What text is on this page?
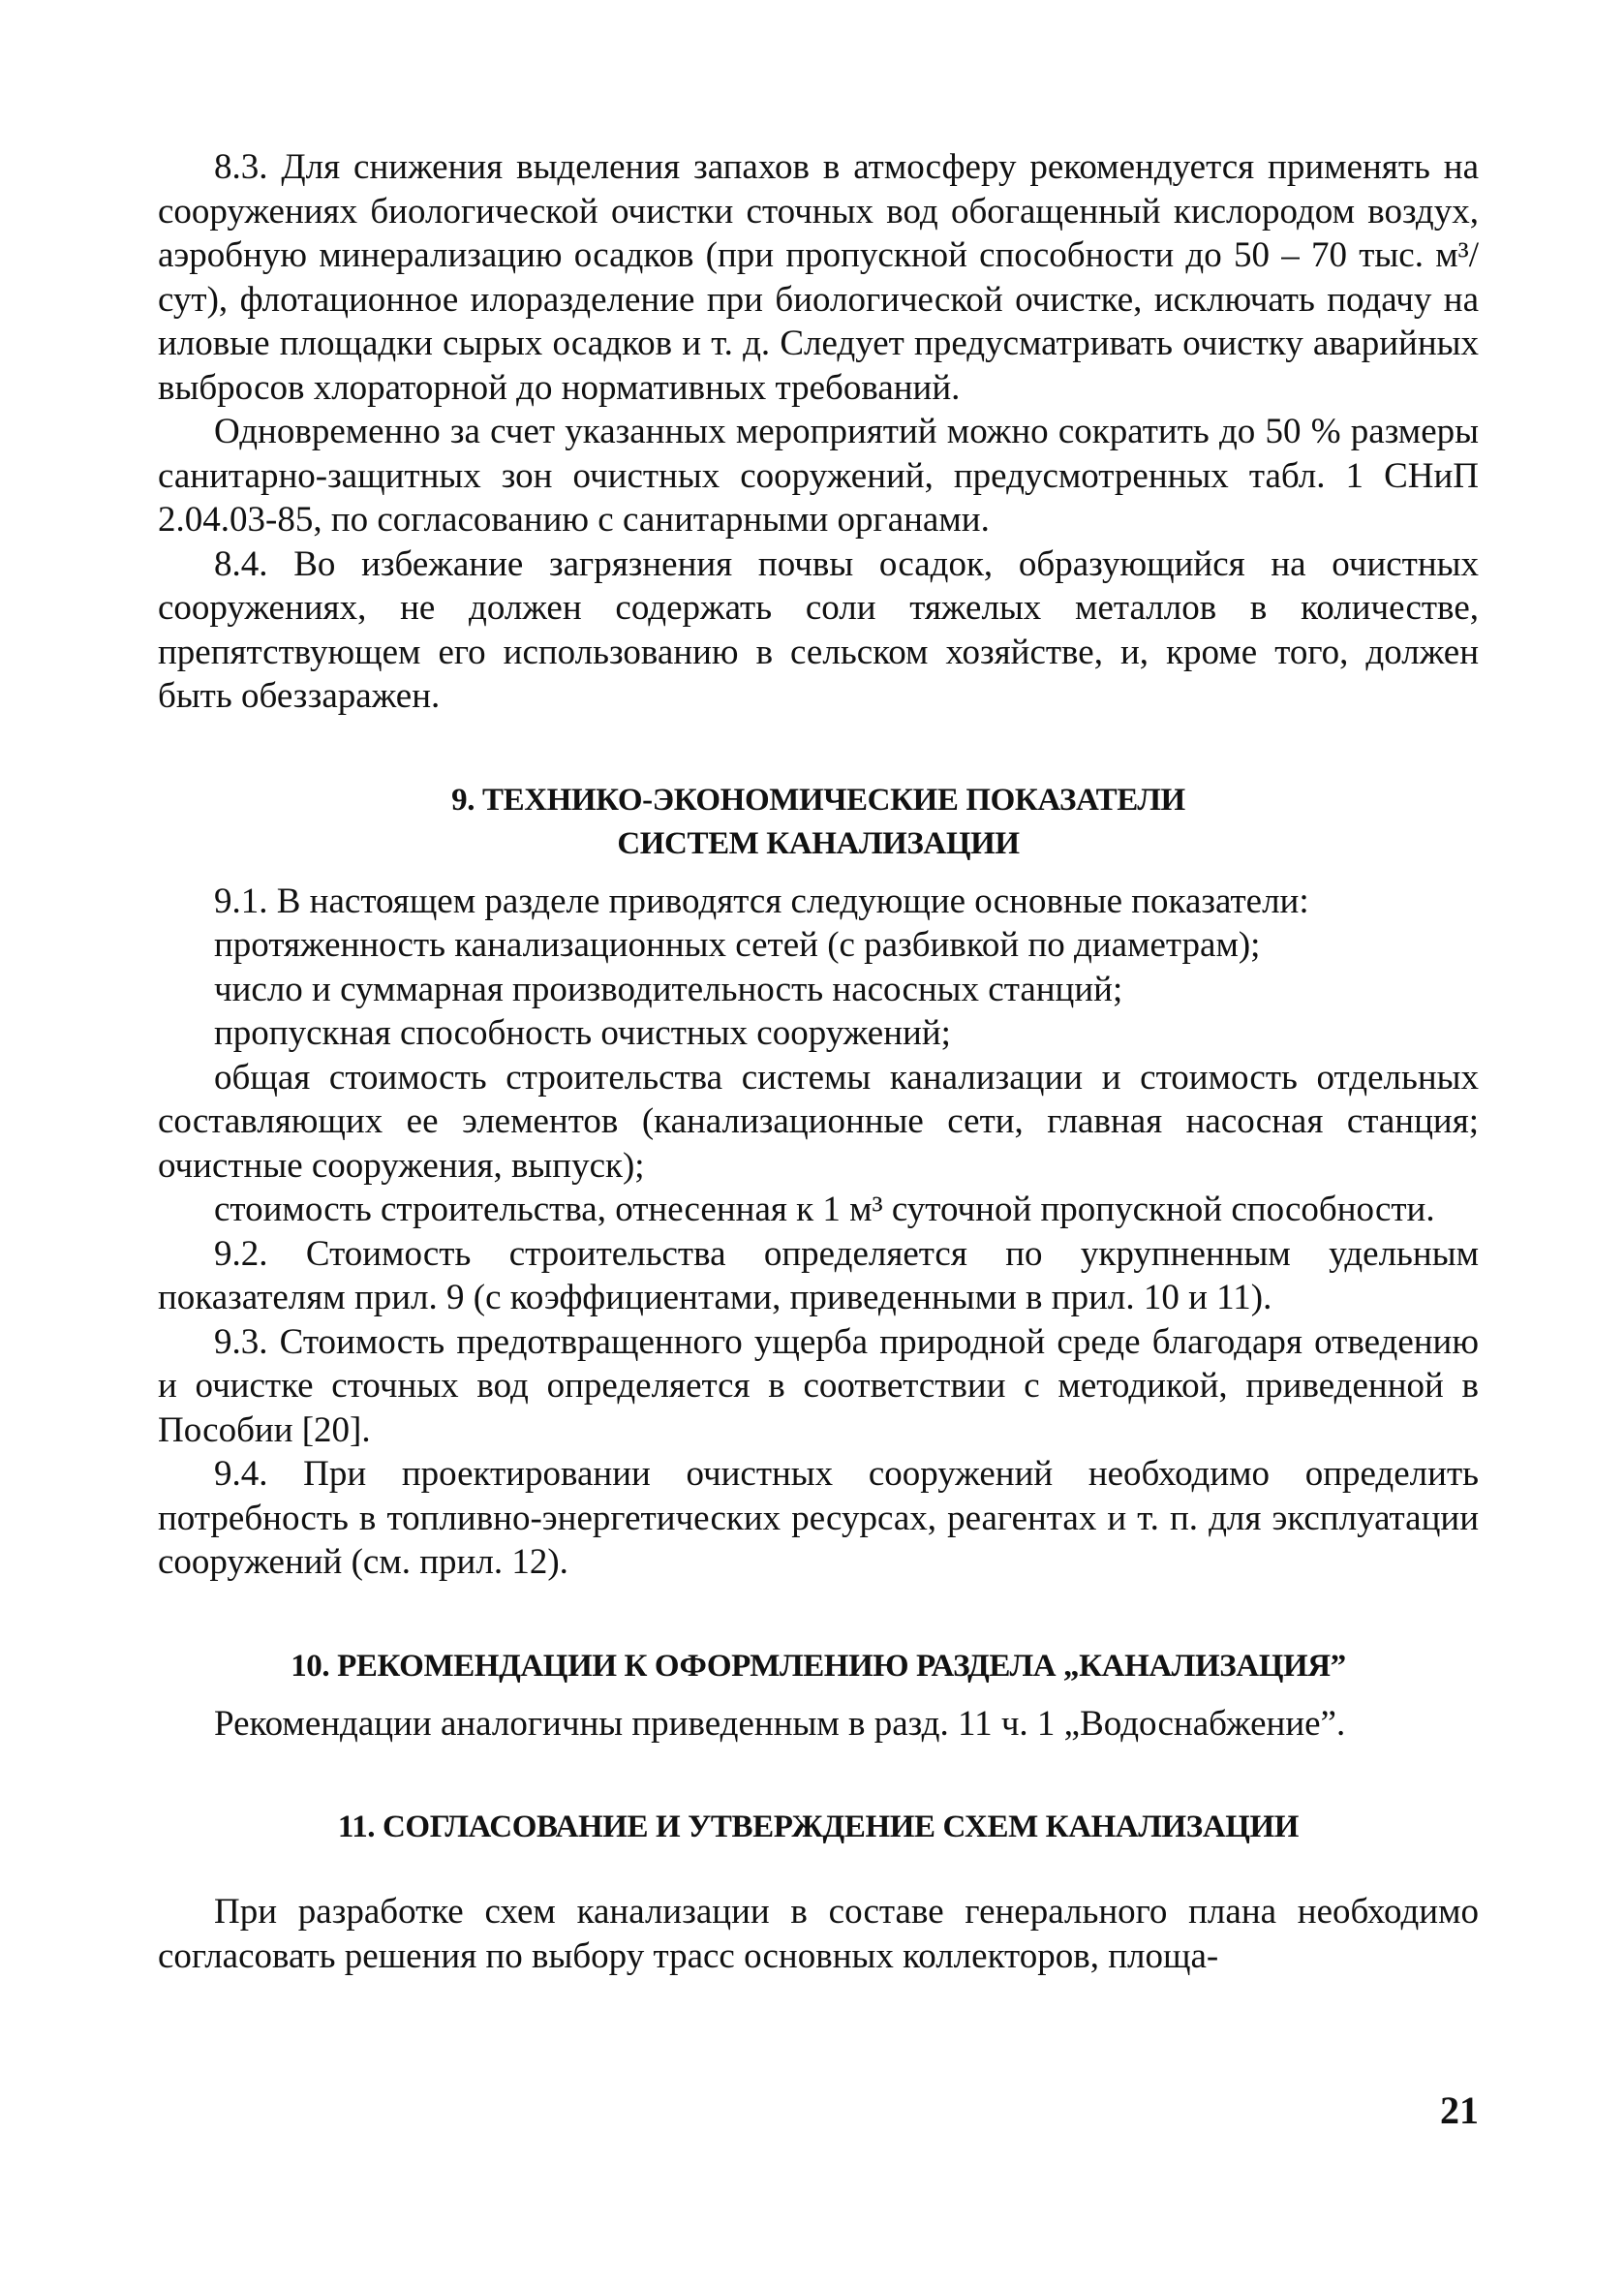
8.3. Для снижения выделения запахов в атмосферу рекомендуется применять на сооружениях биологической очистки сточных вод обогащенный кислородом воздух, аэробную минерализацию осадков (при пропускной способности до 50 – 70 тыс. м³/сут), флотационное илоразделение при биологической очистке, исключать подачу на иловые площадки сырых осадков и т. д. Следует предусматривать очистку аварийных выбросов хлораторной до нормативных требований.

Одновременно за счет указанных мероприятий можно сократить до 50 % размеры санитарно-защитных зон очистных сооружений, предусмотренных табл. 1 СНиП 2.04.03-85, по согласованию с санитарными органами.

8.4. Во избежание загрязнения почвы осадок, образующийся на очистных сооружениях, не должен содержать соли тяжелых металлов в количестве, препятствующем его использованию в сельском хозяйстве, и, кроме того, должен быть обеззаражен.

9. ТЕХНИКО-ЭКОНОМИЧЕСКИЕ ПОКАЗАТЕЛИ
СИСТЕМ КАНАЛИЗАЦИИ

9.1. В настоящем разделе приводятся следующие основные показатели:

протяженность канализационных сетей (с разбивкой по диаметрам);

число и суммарная производительность насосных станций;

пропускная способность очистных сооружений;

общая стоимость строительства системы канализации и стоимость отдельных составляющих ее элементов (канализационные сети, главная насосная станция; очистные сооружения, выпуск);

стоимость строительства, отнесенная к 1 м³ суточной пропускной способности.

9.2. Стоимость строительства определяется по укрупненным удельным показателям прил. 9 (с коэффициентами, приведенными в прил. 10 и 11).

9.3. Стоимость предотвращенного ущерба природной среде благодаря отведению и очистке сточных вод определяется в соответствии с методикой, приведенной в Пособии [20].

9.4. При проектировании очистных сооружений необходимо определить потребность в топливно-энергетических ресурсах, реагентах и т. п. для эксплуатации сооружений (см. прил. 12).

10. РЕКОМЕНДАЦИИ К ОФОРМЛЕНИЮ РАЗДЕЛА „КАНАЛИЗАЦИЯ”

Рекомендации аналогичны приведенным в разд. 11 ч. 1 „Водоснабжение”.

11. СОГЛАСОВАНИЕ И УТВЕРЖДЕНИЕ СХЕМ КАНАЛИЗАЦИИ

При разработке схем канализации в составе генерального плана необходимо согласовать решения по выбору трасс основных коллекторов, площа-

21
